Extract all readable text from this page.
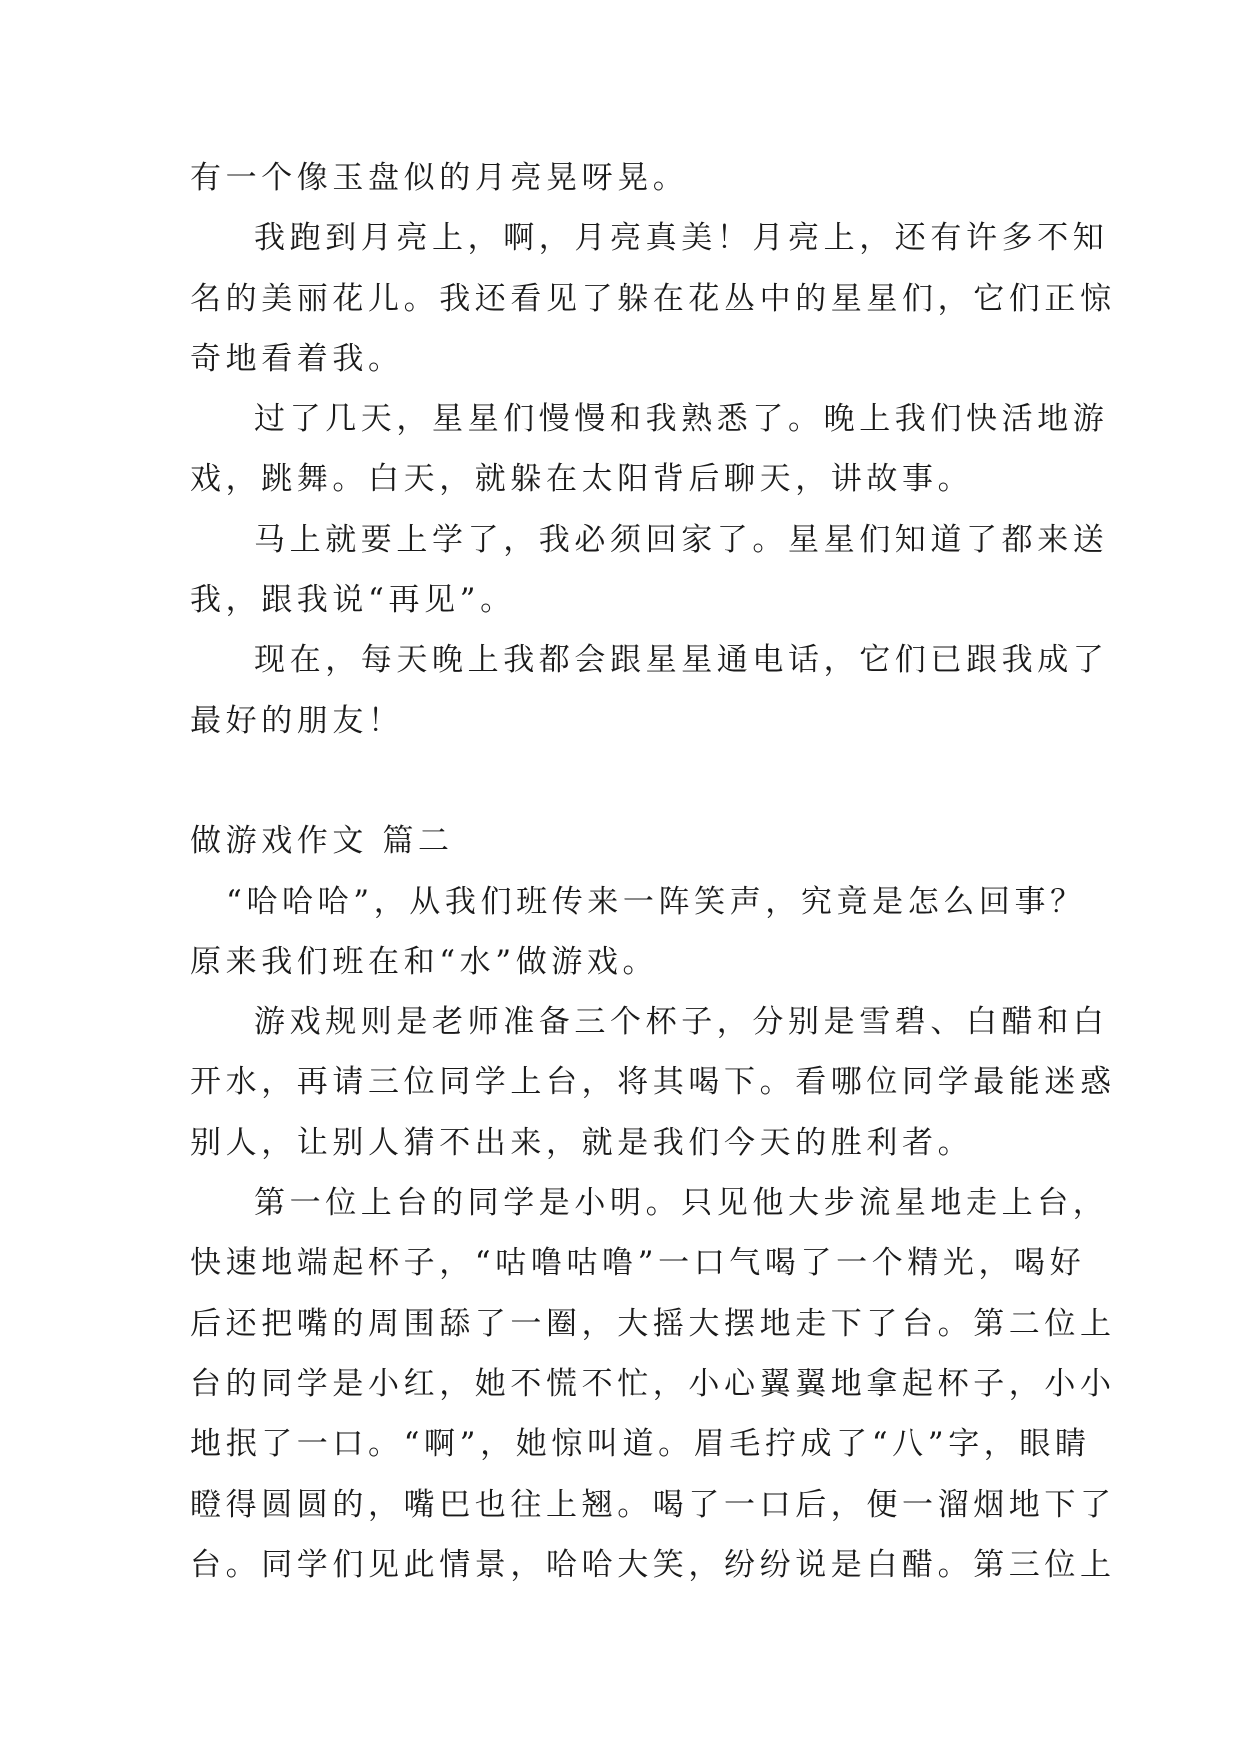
有一个像玉盘似的月亮晃呀晃。
我跑到月亮上，啊，月亮真美！月亮上，还有许多不知
名的美丽花儿。我还看见了躲在花丛中的星星们，它们正惊
奇地看着我。
过了几天，星星们慢慢和我熟悉了。晚上我们快活地游
戏，跳舞。白天，就躲在太阳背后聊天，讲故事。
马上就要上学了，我必须回家了。星星们知道了都来送
我，跟我说“再见”。
现在，每天晚上我都会跟星星通电话，它们已跟我成了
最好的朋友！
做游戏作文 篇二
“哈哈哈”，从我们班传来一阵笑声，究竟是怎么回事？
原来我们班在和“水”做游戏。
游戏规则是老师准备三个杯子，分别是雪碧、白醋和白
开水，再请三位同学上台，将其喝下。看哪位同学最能迷惑
别人，让别人猜不出来，就是我们今天的胜利者。
第一位上台的同学是小明。只见他大步流星地走上台，
快速地端起杯子，“咕噜咕噜”一口气喝了一个精光，喝好
后还把嘴的周围舔了一圈，大摇大摆地走下了台。第二位上
台的同学是小红，她不慌不忙，小心翼翼地拿起杯子，小小
地抿了一口。“啊”，她惊叫道。眉毛拧成了“八”字，眼睛
瞪得圆圆的，嘴巴也往上翘。喝了一口后，便一溜烟地下了
台。同学们见此情景，哈哈大笑，纷纷说是白醋。第三位上
